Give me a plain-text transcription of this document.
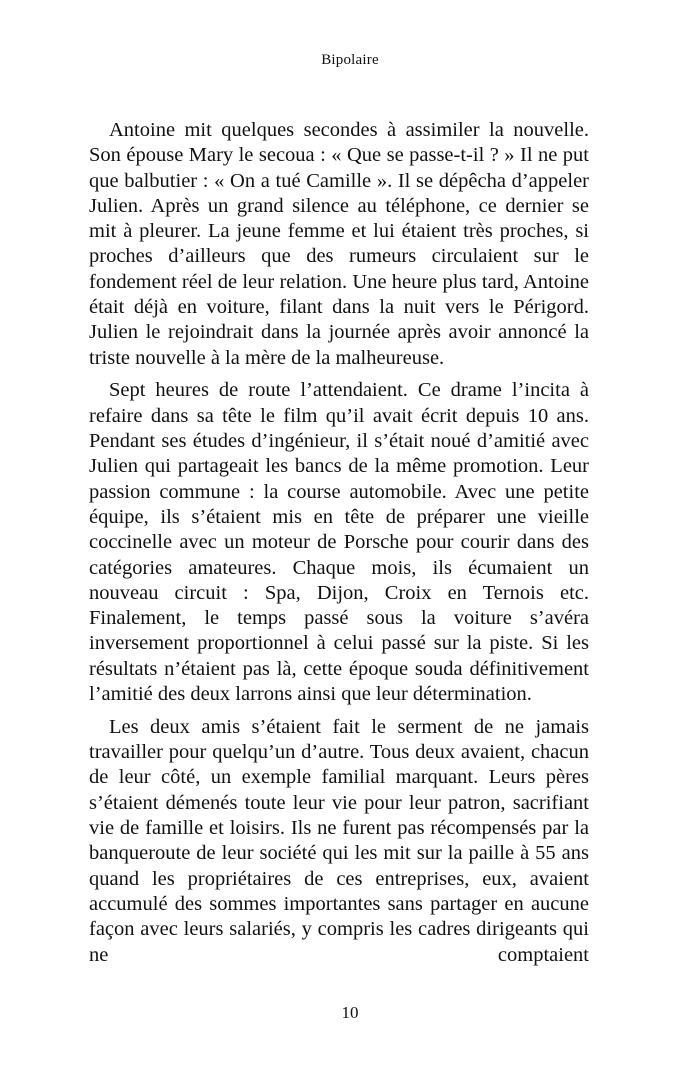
Bipolaire

Antoine mit quelques secondes à assimiler la nouvelle. Son épouse Mary le secoua : « Que se passe-t-il ? » Il ne put que balbutier : « On a tué Camille ». Il se dépêcha d’appeler Julien. Après un grand silence au téléphone, ce dernier se mit à pleurer. La jeune femme et lui étaient très proches, si proches d’ailleurs que des rumeurs circulaient sur le fondement réel de leur relation. Une heure plus tard, Antoine était déjà en voiture, filant dans la nuit vers le Périgord. Julien le rejoindrait dans la journée après avoir annoncé la triste nouvelle à la mère de la malheureuse.

Sept heures de route l’attendaient. Ce drame l’incita à refaire dans sa tête le film qu’il avait écrit depuis 10 ans. Pendant ses études d’ingénieur, il s’était noué d’amitié avec Julien qui partageait les bancs de la même promotion. Leur passion commune : la course automobile. Avec une petite équipe, ils s’étaient mis en tête de préparer une vieille coccinelle avec un moteur de Porsche pour courir dans des catégories amateures. Chaque mois, ils écumaient un nouveau circuit : Spa, Dijon, Croix en Ternois etc. Finalement, le temps passé sous la voiture s’avéra inversement proportionnel à celui passé sur la piste. Si les résultats n’étaient pas là, cette époque souda définitivement l’amitié des deux larrons ainsi que leur détermination.

Les deux amis s’étaient fait le serment de ne jamais travailler pour quelqu’un d’autre. Tous deux avaient, chacun de leur côté, un exemple familial marquant. Leurs pères s’étaient démenés toute leur vie pour leur patron, sacrifiant vie de famille et loisirs. Ils ne furent pas récompensés par la banqueroute de leur société qui les mit sur la paille à 55 ans quand les propriétaires de ces entreprises, eux, avaient accumulé des sommes importantes sans partager en aucune façon avec leurs salariés, y compris les cadres dirigeants qui ne comptaient

10
